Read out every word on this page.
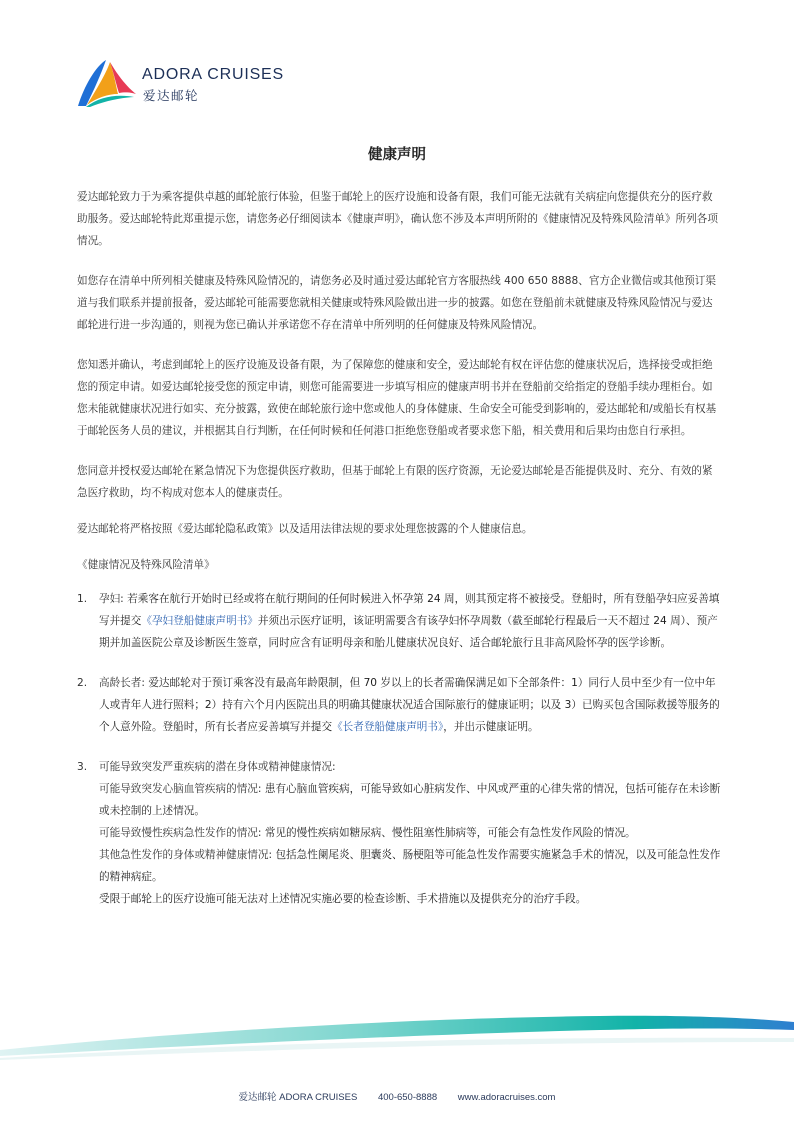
ADORA CRUISES
爱达邮轮
健康声明

爱达邮轮致力于为乘客提供卓越的邮轮旅行体验，但鉴于邮轮上的医疗设施和设备有限，我们可能无法就有关病症向您提供充分的医疗救助服务。爱达邮轮特此郑重提示您，请您务必仔细阅读本《健康声明》，确认您不涉及本声明所附的《健康情况及特殊风险清单》所列各项情况。

如您存在清单中所列相关健康及特殊风险情况的，请您务必及时通过爱达邮轮官方客服热线 400 650 8888、官方企业微信或其他预订渠道与我们联系并提前报备，爱达邮轮可能需要您就相关健康或特殊风险做出进一步的披露。如您在登船前未就健康及特殊风险情况与爱达邮轮进行进一步沟通的，则视为您已确认并承诺您不存在清单中所列明的任何健康及特殊风险情况。

您知悉并确认，考虑到邮轮上的医疗设施及设备有限，为了保障您的健康和安全，爱达邮轮有权在评估您的健康状况后，选择接受或拒绝您的预定申请。如爱达邮轮接受您的预定申请，则您可能需要进一步填写相应的健康声明书并在登船前交给指定的登船手续办理柜台。如您未能就健康状况进行如实、充分披露，致使在邮轮旅行途中您或他人的身体健康、生命安全可能受到影响的，爱达邮轮和/或船长有权基于邮轮医务人员的建议，并根据其自行判断，在任何时候和任何港口拒绝您登船或者要求您下船，相关费用和后果均由您自行承担。

您同意并授权爱达邮轮在紧急情况下为您提供医疗救助，但基于邮轮上有限的医疗资源，无论爱达邮轮是否能提供及时、充分、有效的紧急医疗救助，均不构成对您本人的健康责任。

爱达邮轮将严格按照《爱达邮轮隐私政策》以及适用法律法规的要求处理您披露的个人健康信息。

《健康情况及特殊风险清单》

1. 孕妇: 若乘客在航行开始时已经或将在航行期间的任何时候进入怀孕第 24 周，则其预定将不被接受。登船时，所有登船孕妇应妥善填写并提交《孕妇登船健康声明书》并须出示医疗证明，该证明需要含有该孕妇怀孕周数（截至邮轮行程最后一天不超过 24 周）、预产期并加盖医院公章及诊断医生签章，同时应含有证明母亲和胎儿健康状况良好、适合邮轮旅行且非高风险怀孕的医学诊断。
2. 高龄长者: 爱达邮轮对于预订乘客没有最高年龄限制，但 70 岁以上的长者需确保满足如下全部条件：1）同行人员中至少有一位中年人或青年人进行照料；2）持有六个月内医院出具的明确其健康状况适合国际旅行的健康证明；以及 3）已购买包含国际救援等服务的个人意外险。登船时，所有长者应妥善填写并提交《长者登船健康声明书》，并出示健康证明。
3. 可能导致突发严重疾病的潜在身体或精神健康情况:
可能导致突发心脑血管疾病的情况: 患有心脑血管疾病，可能导致如心脏病发作、中风或严重的心律失常的情况，包括可能存在未诊断或未控制的上述情况。
可能导致慢性疾病急性发作的情况: 常见的慢性疾病如糖尿病、慢性阻塞性肺病等，可能会有急性发作风险的情况。
其他急性发作的身体或精神健康情况: 包括急性阑尾炎、胆囊炎、肠梗阻等可能急性发作需要实施紧急手术的情况，以及可能急性发作的精神病症。
受限于邮轮上的医疗设施可能无法对上述情况实施必要的检查诊断、手术措施以及提供充分的治疗手段。
爱达邮轮 ADORA CRUISES 400-650-8888 www.adoracruises.com
